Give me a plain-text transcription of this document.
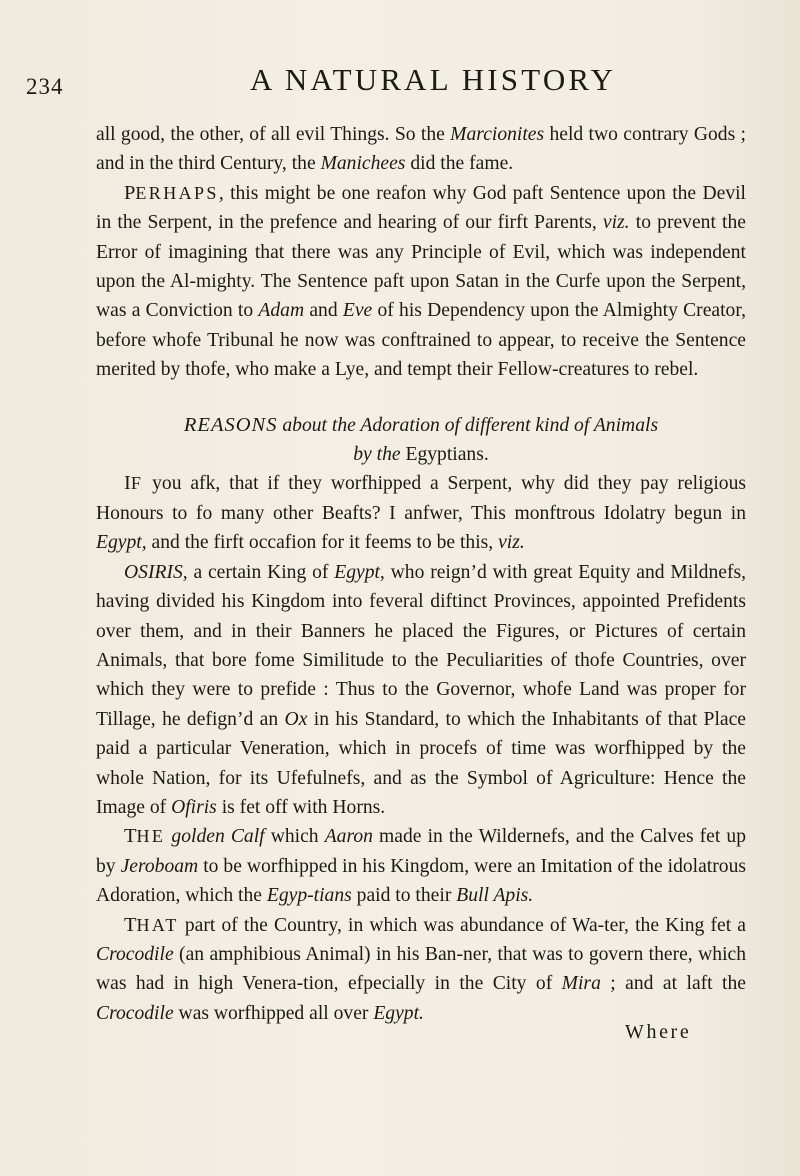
234	A NATURAL HISTORY

all good, the other, of all evil Things. So the Marcionites held two contrary Gods ; and in the third Century, the Manichees did the fame.

PERHAPS, this might be one reafon why God paft Sentence upon the Devil in the Serpent, in the prefence and hearing of our firft Parents, viz. to prevent the Error of imagining that there was any Principle of Evil, which was independent upon the Al-mighty. The Sentence paft upon Satan in the Curfe upon the Serpent, was a Conviction to Adam and Eve of his Dependency upon the Almighty Creator, before whofe Tribunal he now was conftrained to appear, to receive the Sentence merited by thofe, who make a Lye, and tempt their Fellow-creatures to rebel.

REASONS about the Adoration of different kind of Animals

by the Egyptians.

IF you afk, that if they worfhipped a Serpent, why did they pay religious Honours to fo many other Beafts? I anfwer, This monftrous Idolatry begun in Egypt, and the firft occafion for it feems to be this, viz.

OSIRIS, a certain King of Egypt, who reign’d with great Equity and Mildnefs, having divided his Kingdom into feveral diftinct Provinces, appointed Prefidents over them, and in their Banners he placed the Figures, or Pictures of certain Animals, that bore fome Similitude to the Peculiarities of thofe Countries, over which they were to prefide : Thus to the Governor, whofe Land was proper for Tillage, he defign’d an Ox in his Standard, to which the Inhabitants of that Place paid a particular Veneration, which in procefs of time was worfhipped by the whole Nation, for its Ufefulnefs, and as the Symbol of Agriculture: Hence the Image of Ofiris is fet off with Horns.

THE golden Calf which Aaron made in the Wildernefs, and the Calves fet up by Jeroboam to be worfhipped in his Kingdom, were an Imitation of the idolatrous Adoration, which the Egyp-tians paid to their Bull Apis.

THAT part of the Country, in which was abundance of Wa-ter, the King fet a Crocodile (an amphibious Animal) in his Ban-ner, that was to govern there, which was had in high Venera-tion, efpecially in the City of Mira ; and at laft the Crocodile was worfhipped all over Egypt.

Where
